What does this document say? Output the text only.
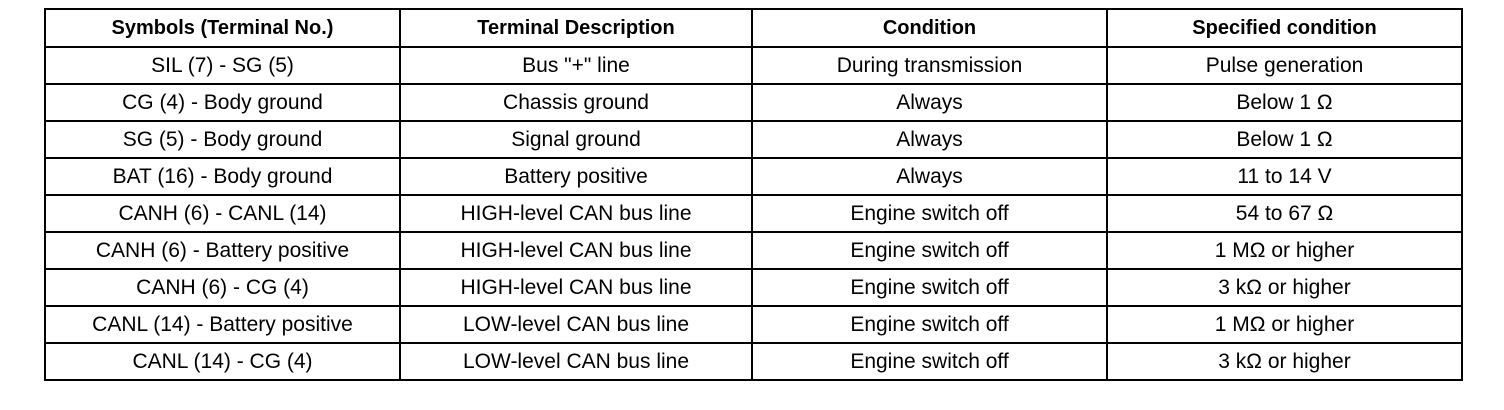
Symbols (Terminal No.)	Terminal Description	Condition	Specified condition
SIL (7) - SG (5)	Bus "+" line	During transmission	Pulse generation
CG (4) - Body ground	Chassis ground	Always	Below 1 Ω
SG (5) - Body ground	Signal ground	Always	Below 1 Ω
BAT (16) - Body ground	Battery positive	Always	11 to 14 V
CANH (6) - CANL (14)	HIGH-level CAN bus line	Engine switch off	54 to 67 Ω
CANH (6) - Battery positive	HIGH-level CAN bus line	Engine switch off	1 MΩ or higher
CANH (6) - CG (4)	HIGH-level CAN bus line	Engine switch off	3 kΩ or higher
CANL (14) - Battery positive	LOW-level CAN bus line	Engine switch off	1 MΩ or higher
CANL (14) - CG (4)	LOW-level CAN bus line	Engine switch off	3 kΩ or higher
